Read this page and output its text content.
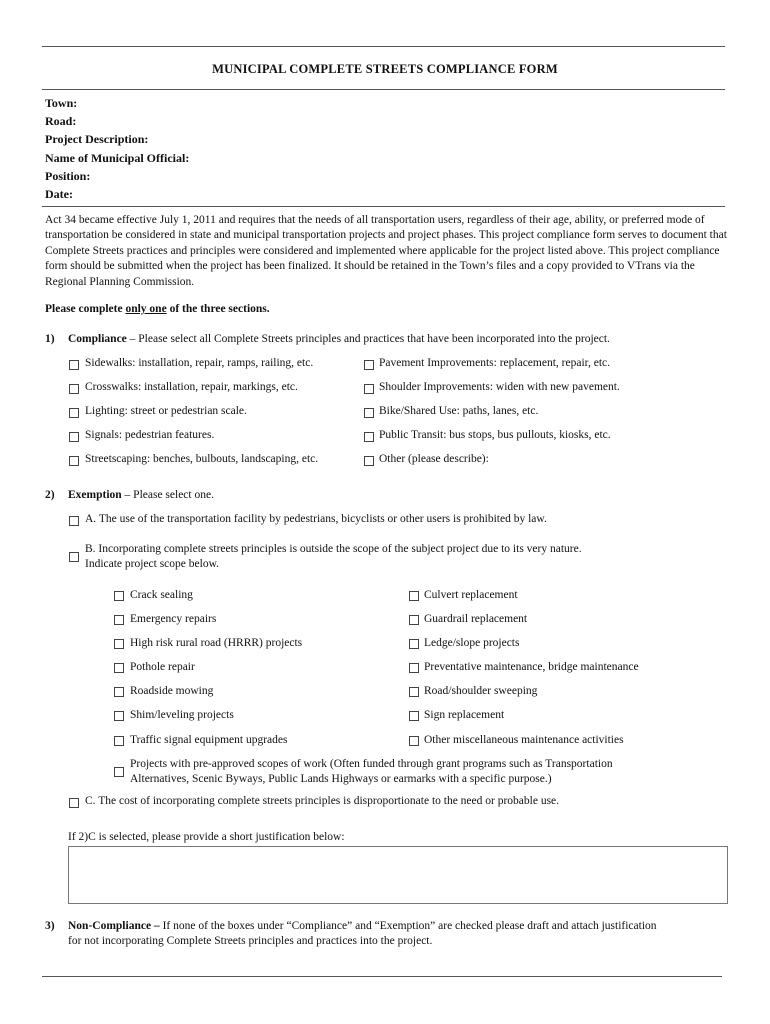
MUNICIPAL COMPLETE STREETS COMPLIANCE FORM
Town:
Road:
Project Description:
Name of Municipal Official:
Position:
Date:
Act 34 became effective July 1, 2011 and requires that the needs of all transportation users, regardless of their age, ability, or preferred mode of transportation be considered in state and municipal transportation projects and project phases. This project compliance form serves to document that Complete Streets practices and principles were considered and implemented where applicable for the project listed above. This project compliance form should be submitted when the project has been finalized. It should be retained in the Town’s files and a copy provided to VTrans via the Regional Planning Commission.
Please complete only one of the three sections.
1) Compliance – Please select all Complete Streets principles and practices that have been incorporated into the project.
Sidewalks: installation, repair, ramps, railing, etc.
Crosswalks: installation, repair, markings, etc.
Lighting: street or pedestrian scale.
Signals: pedestrian features.
Streetscaping: benches, bulbouts, landscaping, etc.
Pavement Improvements: replacement, repair, etc.
Shoulder Improvements: widen with new pavement.
Bike/Shared Use: paths, lanes, etc.
Public Transit: bus stops, bus pullouts, kiosks, etc.
Other (please describe):
2) Exemption – Please select one.
A. The use of the transportation facility by pedestrians, bicyclists or other users is prohibited by law.
B. Incorporating complete streets principles is outside the scope of the subject project due to its very nature.
Indicate project scope below.
Crack sealing
Emergency repairs
High risk rural road (HRRR) projects
Pothole repair
Roadside mowing
Shim/leveling projects
Traffic signal equipment upgrades
Culvert replacement
Guardrail replacement
Ledge/slope projects
Preventative maintenance, bridge maintenance
Road/shoulder sweeping
Sign replacement
Other miscellaneous maintenance activities
Projects with pre-approved scopes of work (Often funded through grant programs such as Transportation
Alternatives, Scenic Byways, Public Lands Highways or earmarks with a specific purpose.)
C. The cost of incorporating complete streets principles is disproportionate to the need or probable use.
If 2)C is selected, please provide a short justification below:
3) Non-Compliance – If none of the boxes under “Compliance” and “Exemption” are checked please draft and attach justification
for not incorporating Complete Streets principles and practices into the project.
